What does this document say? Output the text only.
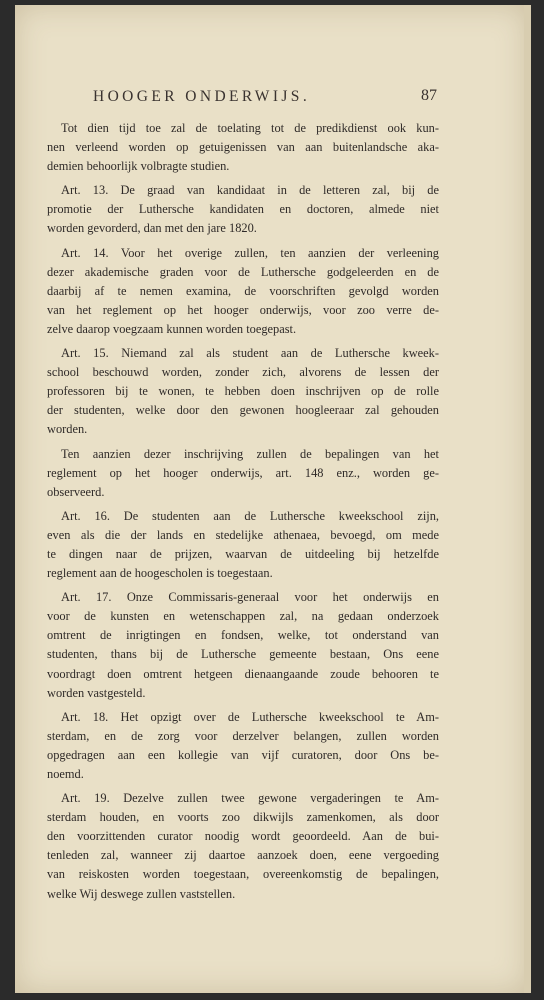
HOOGER ONDERWIJS.	87

Tot dien tijd toe zal de toelating tot de predikdienst ook kun-
nen verleend worden op getuigenissen van aan buitenlandsche aka-
demien behoorlijk volbragte studien.

Art. 13. De graad van kandidaat in de letteren zal, bij de
promotie der Luthersche kandidaten en doctoren, almede niet
worden gevorderd, dan met den jare 1820.

Art. 14. Voor het overige zullen, ten aanzien der verleening
dezer akademische graden voor de Luthersche godgeleerden en de
daarbij af te nemen examina, de voorschriften gevolgd worden
van het reglement op het hooger onderwijs, voor zoo verre de-
zelve daarop voegzaam kunnen worden toegepast.

Art. 15. Niemand zal als student aan de Luthersche kweek-
school beschouwd worden, zonder zich, alvorens de lessen der
professoren bij te wonen, te hebben doen inschrijven op de rolle
der studenten, welke door den gewonen hoogleeraar zal gehouden
worden.

Ten aanzien dezer inschrijving zullen de bepalingen van het
reglement op het hooger onderwijs, art. 148 enz., worden ge-
observeerd.

Art. 16. De studenten aan de Luthersche kweekschool zijn,
even als die der lands en stedelijke athenaea, bevoegd, om mede
te dingen naar de prijzen, waarvan de uitdeeling bij hetzelfde
reglement aan de hoogescholen is toegestaan.

Art. 17. Onze Commissaris-generaal voor het onderwijs en
voor de kunsten en wetenschappen zal, na gedaan onderzoek
omtrent de inrigtingen en fondsen, welke, tot onderstand van
studenten, thans bij de Luthersche gemeente bestaan, Ons eene
voordragt doen omtrent hetgeen dienaangaande zoude behooren te
worden vastgesteld.

Art. 18. Het opzigt over de Luthersche kweekschool te Am-
sterdam, en de zorg voor derzelver belangen, zullen worden
opgedragen aan een kollegie van vijf curatoren, door Ons be-
noemd.

Art. 19. Dezelve zullen twee gewone vergaderingen te Am-
sterdam houden, en voorts zoo dikwijls zamenkomen, als door
den voorzittenden curator noodig wordt geoordeeld. Aan de bui-
tenleden zal, wanneer zij daartoe aanzoek doen, eene vergoeding
van reiskosten worden toegestaan, overeenkomstig de bepalingen,
welke Wij deswege zullen vaststellen.
